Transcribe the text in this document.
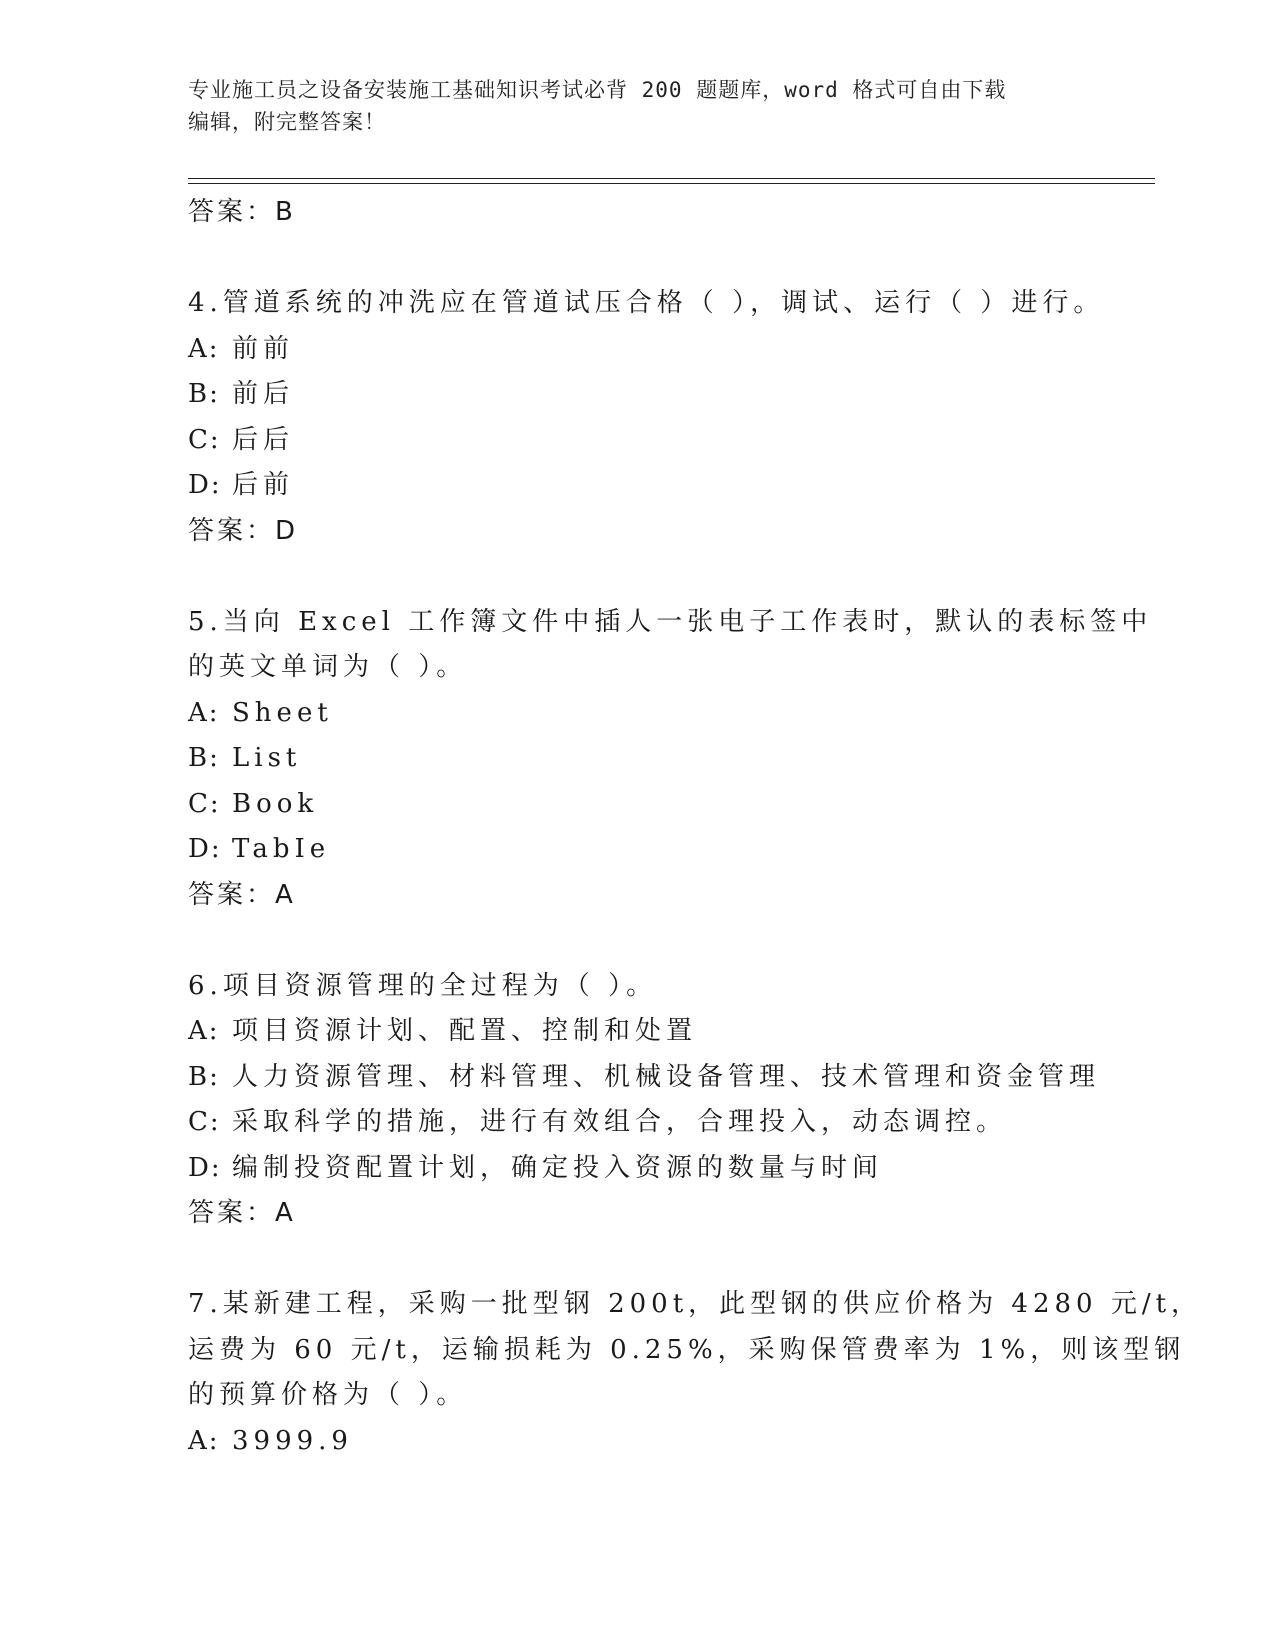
专业施工员之设备安装施工基础知识考试必背 200 题题库，word 格式可自由下载
编辑，附完整答案！

答案：B

4.管道系统的冲洗应在管道试压合格（ ），调试、运行（ ）进行。

A: 前前

B: 前后

C: 后后

D: 后前

答案：D

5.当向 Excel 工作簿文件中插人一张电子工作表时，默认的表标签中

的英文单词为（ ）。

A: Sheet

B: List

C: Book

D: TabIe

答案：A

6.项目资源管理的全过程为（ ）。

A: 项目资源计划、配置、控制和处置

B: 人力资源管理、材料管理、机械设备管理、技术管理和资金管理

C: 采取科学的措施，进行有效组合，合理投入，动态调控。

D: 编制投资配置计划，确定投入资源的数量与时间

答案：A

7.某新建工程，采购一批型钢 200t，此型钢的供应价格为 4280 元/t，

运费为 60 元/t，运输损耗为 0.25%，采购保管费率为 1%，则该型钢

的预算价格为（ ）。

A: 3999.9
